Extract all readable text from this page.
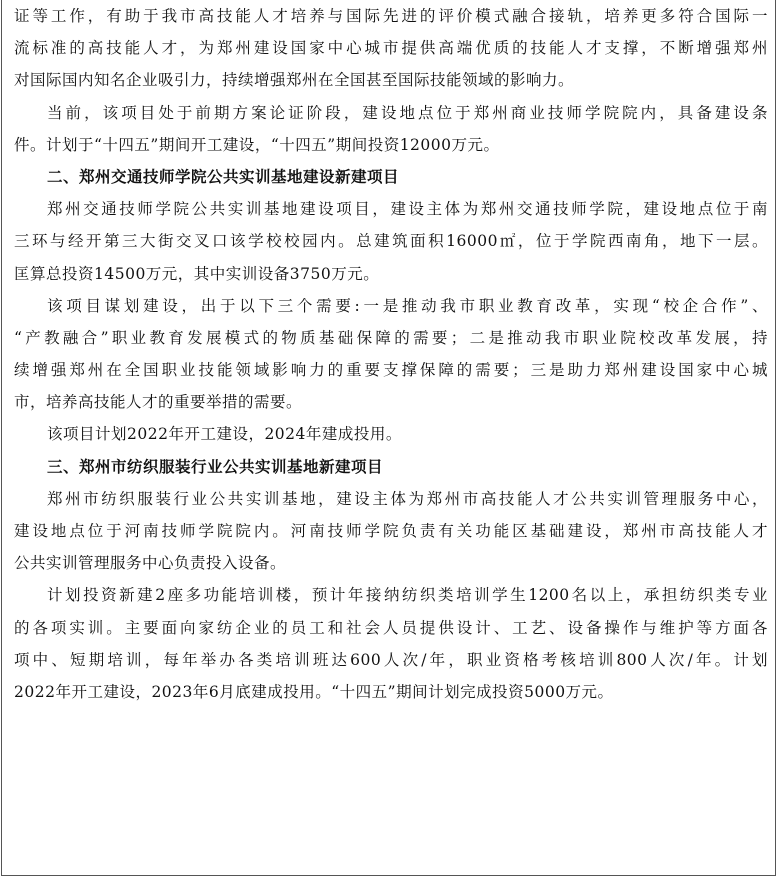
证等工作，有助于我市高技能人才培养与国际先进的评价模式融合接轨，培养更多符合国际一
流标准的高技能人才，为郑州建设国家中心城市提供高端优质的技能人才支撑，不断增强郑州
对国际国内知名企业吸引力，持续增强郑州在全国甚至国际技能领域的影响力。
当前，该项目处于前期方案论证阶段，建设地点位于郑州商业技师学院院内，具备建设条
件。计划于“十四五”期间开工建设，“十四五”期间投资12000万元。
二、郑州交通技师学院公共实训基地建设新建项目
郑州交通技师学院公共实训基地建设项目，建设主体为郑州交通技师学院，建设地点位于南
三环与经开第三大街交叉口该学校校园内。总建筑面积16000㎡，位于学院西南角，地下一层。
匡算总投资14500万元，其中实训设备3750万元。
该项目谋划建设，出于以下三个需要:一是推动我市职业教育改革，实现“校企合作”、
“产教融合”职业教育发展模式的物质基础保障的需要；二是推动我市职业院校改革发展，持
续增强郑州在全国职业技能领域影响力的重要支撑保障的需要；三是助力郑州建设国家中心城
市，培养高技能人才的重要举措的需要。
该项目计划2022年开工建设，2024年建成投用。
三、郑州市纺织服装行业公共实训基地新建项目
郑州市纺织服装行业公共实训基地，建设主体为郑州市高技能人才公共实训管理服务中心，
建设地点位于河南技师学院院内。河南技师学院负责有关功能区基础建设，郑州市高技能人才
公共实训管理服务中心负责投入设备。
计划投资新建2座多功能培训楼，预计年接纳纺织类培训学生1200名以上，承担纺织类专业
的各项实训。主要面向家纺企业的员工和社会人员提供设计、工艺、设备操作与维护等方面各
项中、短期培训，每年举办各类培训班达600人次/年，职业资格考核培训800人次/年。计划
2022年开工建设，2023年6月底建成投用。“十四五”期间计划完成投资5000万元。
